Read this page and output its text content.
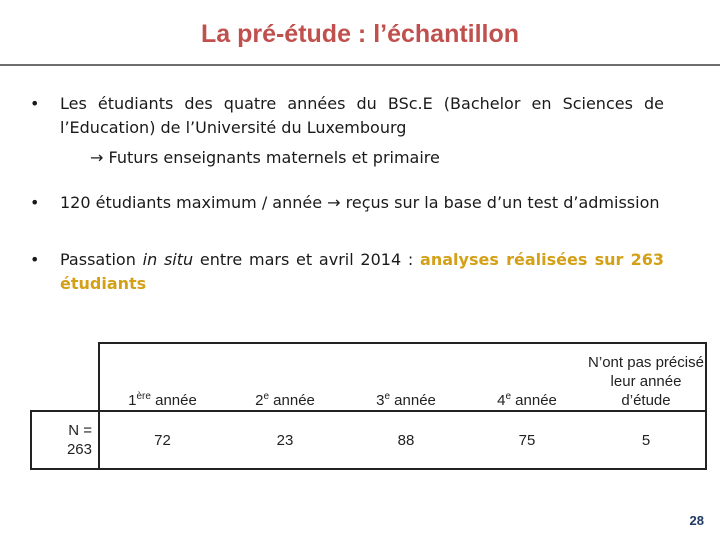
La pré-étude : l’échantillon
• Les étudiants des quatre années du BSc.E (Bachelor en Sciences de l’Education) de l’Université du Luxembourg
→ Futurs enseignants maternels et primaire
• 120 étudiants maximum / année → reçus sur la base d’un test d’admission
• Passation in situ entre mars et avril 2014 : analyses réalisées sur 263 étudiants

	1ère année	2e année	3e année	4e année	N’ont pas précisé leur année d’étude

N =
263	72	23	88	75	5
28
